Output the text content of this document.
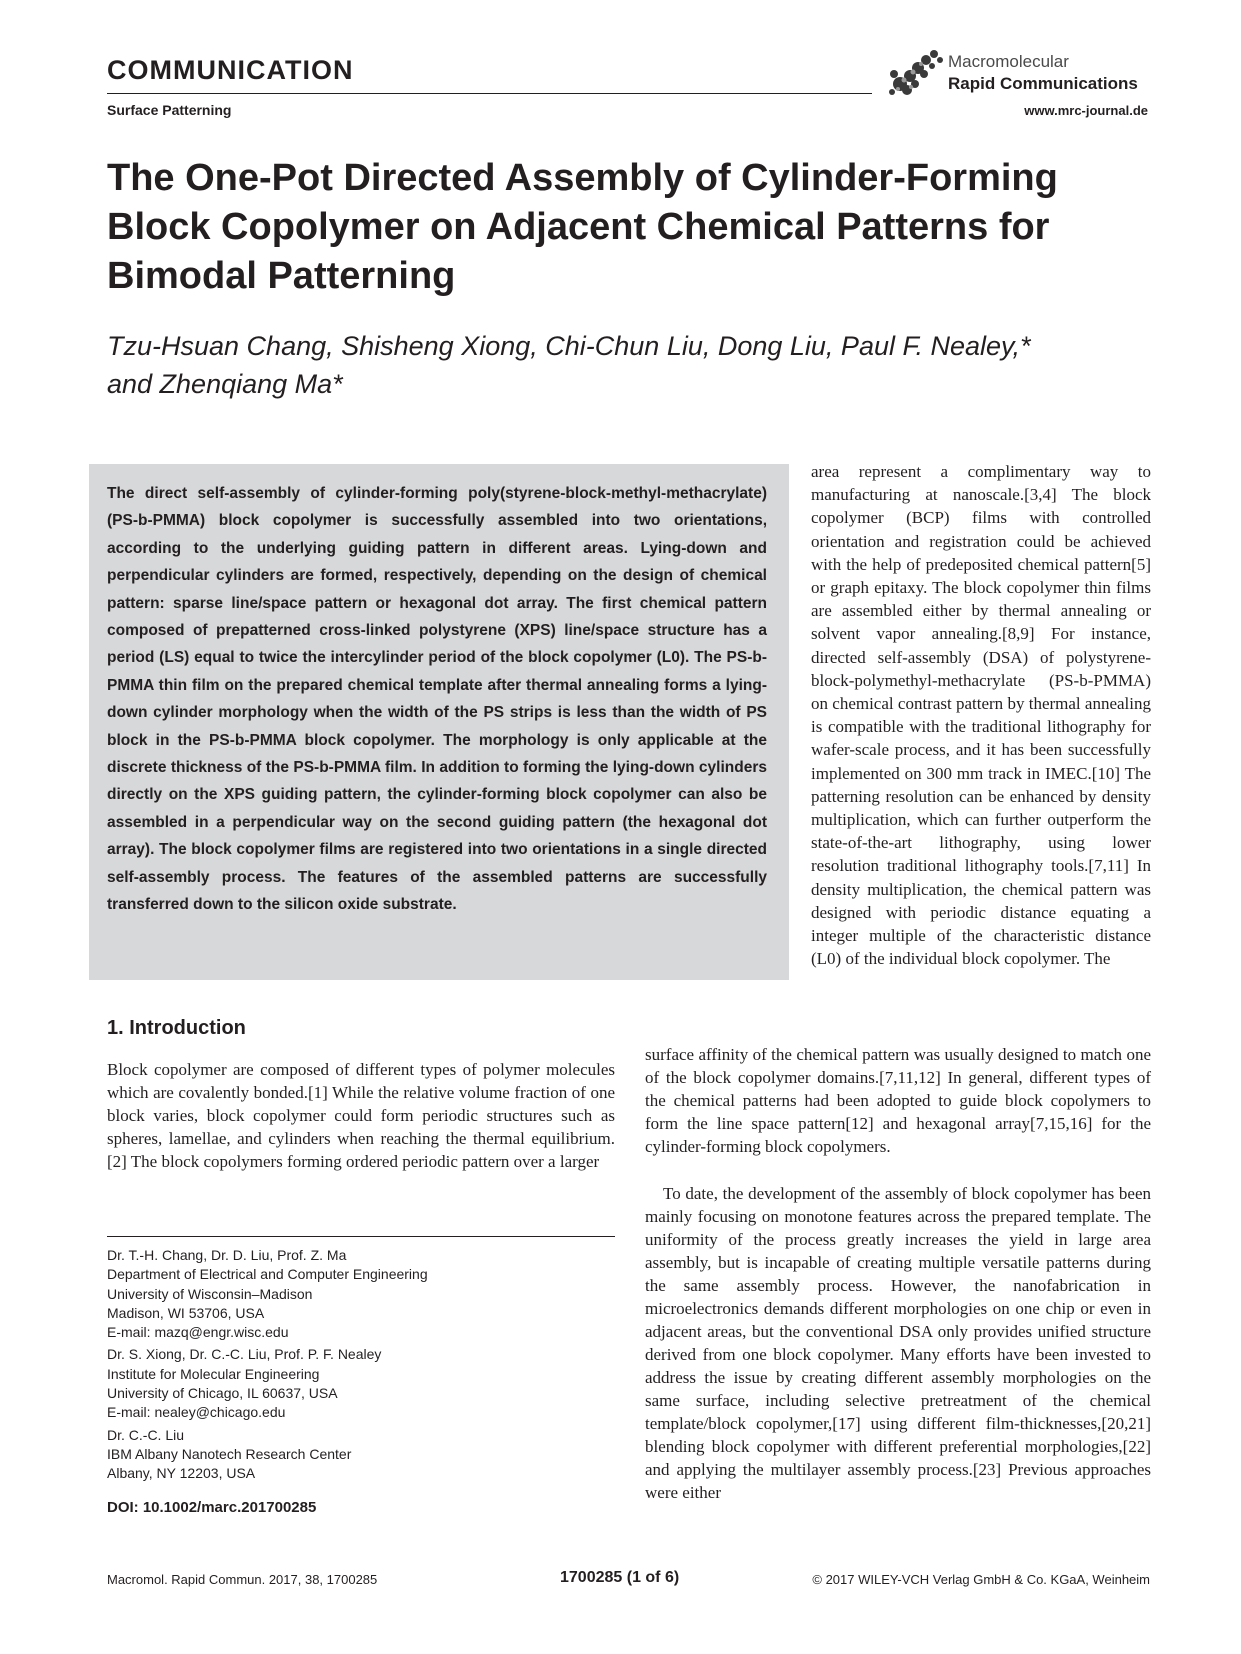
COMMUNICATION
Surface Patterning
Macromolecular
Rapid Communications
www.mrc-journal.de
The One-Pot Directed Assembly of Cylinder-Forming Block Copolymer on Adjacent Chemical Patterns for Bimodal Patterning
Tzu-Hsuan Chang, Shisheng Xiong, Chi-Chun Liu, Dong Liu, Paul F. Nealey,*
and Zhenqiang Ma*

The direct self-assembly of cylinder-forming poly(styrene-block-methyl-methacrylate) (PS-b-PMMA) block copolymer is successfully assembled into two orientations, according to the underlying guiding pattern in different areas. Lying-down and perpendicular cylinders are formed, respectively, depending on the design of chemical pattern: sparse line/space pattern or hexagonal dot array. The first chemical pattern composed of prepatterned cross-linked polystyrene (XPS) line/space structure has a period (LS) equal to twice the intercylinder period of the block copolymer (L0). The PS-b-PMMA thin film on the prepared chemical template after thermal annealing forms a lying-down cylinder morphology when the width of the PS strips is less than the width of PS block in the PS-b-PMMA block copolymer. The morphology is only applicable at the discrete thickness of the PS-b-PMMA film. In addition to forming the lying-down cylinders directly on the XPS guiding pattern, the cylinder-forming block copolymer can also be assembled in a perpendicular way on the second guiding pattern (the hexagonal dot array). The block copolymer films are registered into two orientations in a single directed self-assembly process. The features of the assembled patterns are successfully transferred down to the silicon oxide substrate.

area represent a complimentary way to manufacturing at nanoscale.[3,4] The block copolymer (BCP) films with controlled orientation and registration could be achieved with the help of predeposited chemical pattern[5] or graph epitaxy. The block copolymer thin films are assembled either by thermal annealing or solvent vapor annealing.[8,9] For instance, directed self-assembly (DSA) of polystyrene-block-polymethyl-methacrylate (PS-b-PMMA) on chemical contrast pattern by thermal annealing is compatible with the traditional lithography for wafer-scale process, and it has been successfully implemented on 300 mm track in IMEC.[10] The patterning resolution can be enhanced by density multiplication, which can further outperform the state-of-the-art lithography, using lower resolution traditional lithography tools.[7,11] In density multiplication, the chemical pattern was designed with periodic distance equating a integer multiple of the characteristic distance (L0) of the individual block copolymer. The

surface affinity of the chemical pattern was usually designed to match one of the block copolymer domains.[7,11,12] In general, different types of the chemical patterns had been adopted to guide block copolymers to form the line space pattern[12] and hexagonal array[7,15,16] for the cylinder-forming block copolymers.

To date, the development of the assembly of block copolymer has been mainly focusing on monotone features across the prepared template. The uniformity of the process greatly increases the yield in large area assembly, but is incapable of creating multiple versatile patterns during the same assembly process. However, the nanofabrication in microelectronics demands different morphologies on one chip or even in adjacent areas, but the conventional DSA only provides unified structure derived from one block copolymer. Many efforts have been invested to address the issue by creating different assembly morphologies on the same surface, including selective pretreatment of the chemical template/block copolymer,[17] using different film-thicknesses,[20,21] blending block copolymer with different preferential morphologies,[22] and applying the multilayer assembly process.[23] Previous approaches were either

1. Introduction

Block copolymer are composed of different types of polymer molecules which are covalently bonded.[1] While the relative volume fraction of one block varies, block copolymer could form periodic structures such as spheres, lamellae, and cylinders when reaching the thermal equilibrium.[2] The block copolymers forming ordered periodic pattern over a larger

Dr. T.-H. Chang, Dr. D. Liu, Prof. Z. Ma
Department of Electrical and Computer Engineering
University of Wisconsin–Madison
Madison, WI 53706, USA
E-mail: mazq@engr.wisc.edu
Dr. S. Xiong, Dr. C.-C. Liu, Prof. P. F. Nealey
Institute for Molecular Engineering
University of Chicago, IL 60637, USA
E-mail: nealey@chicago.edu
Dr. C.-C. Liu
IBM Albany Nanotech Research Center
Albany, NY 12203, USA
DOI: 10.1002/marc.201700285
Macromol. Rapid Commun. 2017, 38, 1700285	1700285 (1 of 6)	© 2017 WILEY-VCH Verlag GmbH & Co. KGaA, Weinheim
